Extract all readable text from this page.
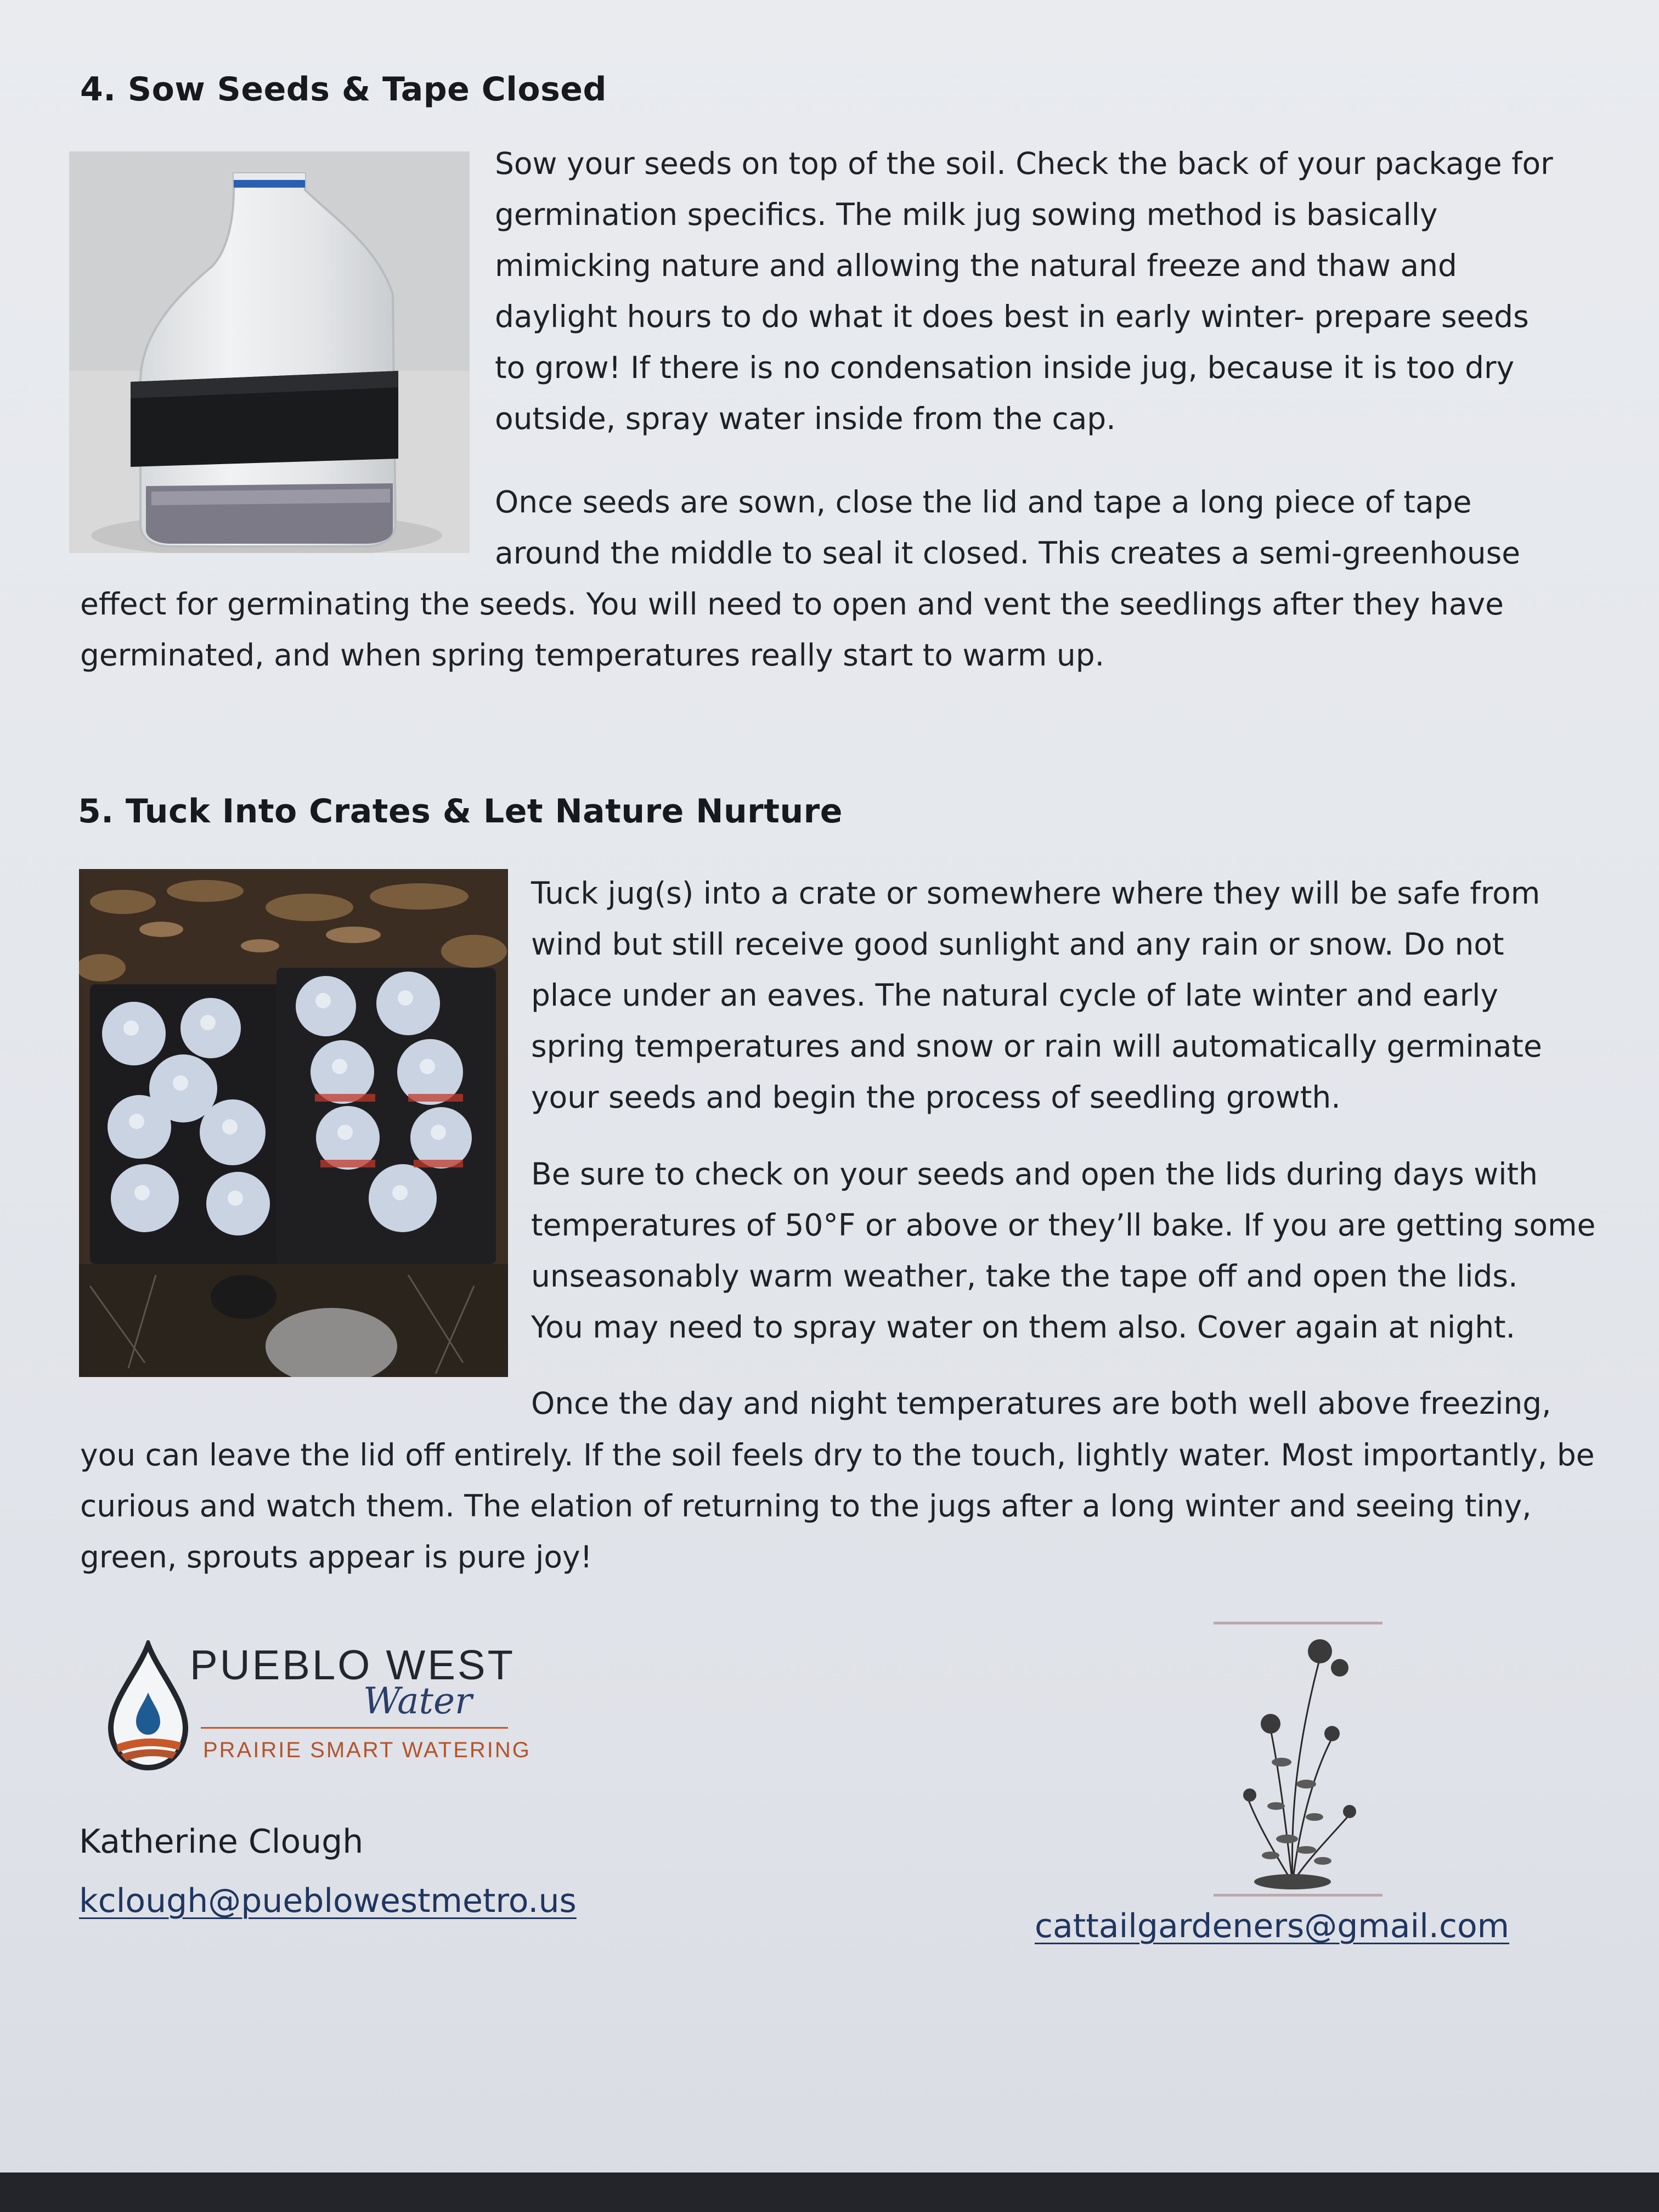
4. Sow Seeds & Tape Closed

Sow your seeds on top of the soil. Check the back of your package for

germination specifics. The milk jug sowing method is basically

mimicking nature and allowing the natural freeze and thaw and

daylight hours to do what it does best in early winter- prepare seeds

to grow! If there is no condensation inside jug, because it is too dry

outside, spray water inside from the cap.

Once seeds are sown, close the lid and tape a long piece of tape

around the middle to seal it closed. This creates a semi-greenhouse

effect for germinating the seeds. You will need to open and vent the seedlings after they have

germinated, and when spring temperatures really start to warm up.

5. Tuck Into Crates & Let Nature Nurture

Tuck jug(s) into a crate or somewhere where they will be safe from

wind but still receive good sunlight and any rain or snow. Do not

place under an eaves. The natural cycle of late winter and early

spring temperatures and snow or rain will automatically germinate

your seeds and begin the process of seedling growth.

Be sure to check on your seeds and open the lids during days with

temperatures of 50°F or above or they’ll bake. If you are getting some

unseasonably warm weather, take the tape off and open the lids.

You may need to spray water on them also. Cover again at night.

Once the day and night temperatures are both well above freezing,

you can leave the lid off entirely. If the soil feels dry to the touch, lightly water. Most importantly, be

curious and watch them. The elation of returning to the jugs after a long winter and seeing tiny,

green, sprouts appear is pure joy!

PUEBLO WEST
Water
PRAIRIE SMART WATERING
Katherine Clough
kclough@pueblowestmetro.us
cattailgardeners@gmail.com
